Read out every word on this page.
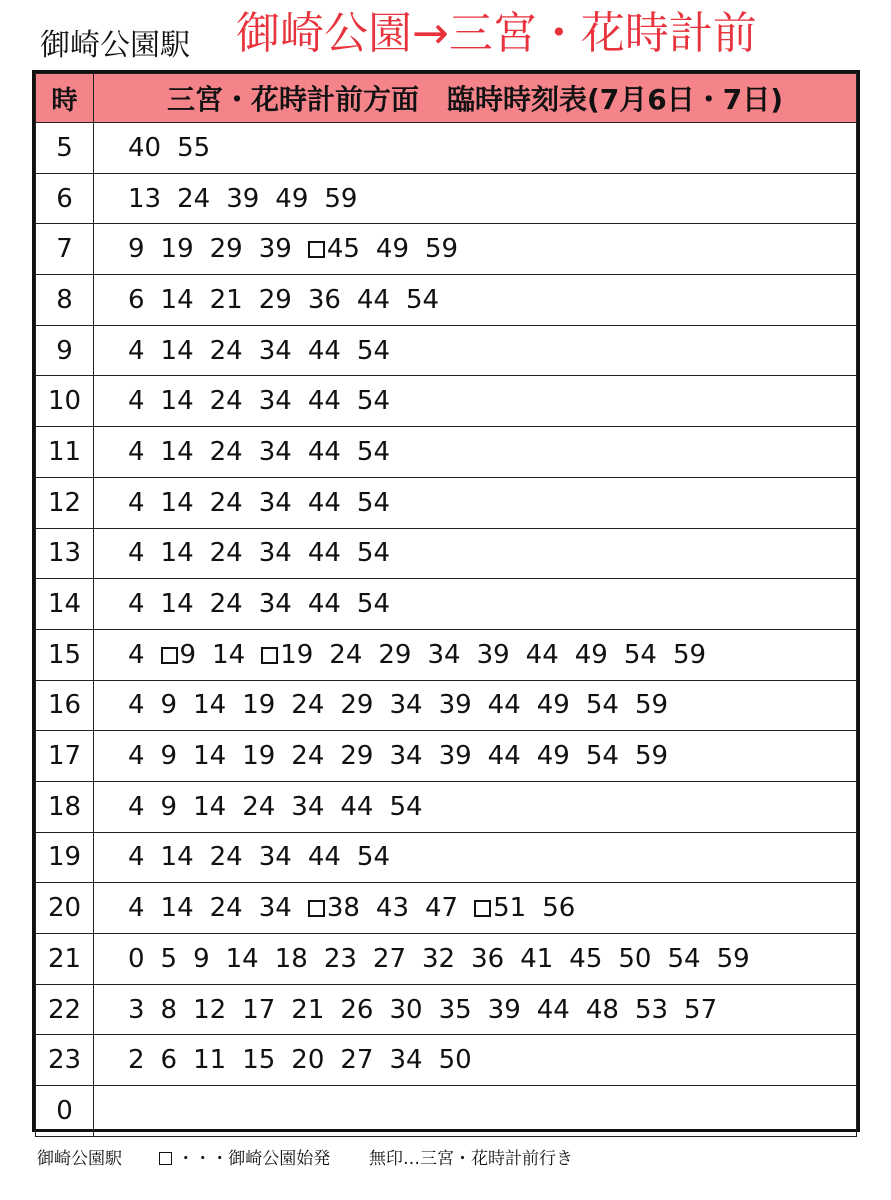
御崎公園駅 御崎公園→三宮・花時計前
時	三宮・花時計前方面　臨時時刻表(7月6日・7日)
5	40 55
6	13 24 39 49 59
7	9 19 29 39 45 49 59
8	6 14 21 29 36 44 54
9	4 14 24 34 44 54
10	4 14 24 34 44 54
11	4 14 24 34 44 54
12	4 14 24 34 44 54
13	4 14 24 34 44 54
14	4 14 24 34 44 54
15	4 9 14 19 24 29 34 39 44 49 54 59
16	4 9 14 19 24 29 34 39 44 49 54 59
17	4 9 14 19 24 29 34 39 44 49 54 59
18	4 9 14 24 34 44 54
19	4 14 24 34 44 54
20	4 14 24 34 38 43 47 51 56
21	0 5 9 14 18 23 27 32 36 41 45 50 54 59
22	3 8 12 17 21 26 30 35 39 44 48 53 57
23	2 6 11 15 20 27 34 50
0	
御崎公園駅	・・・御崎公園始発 無印…三宮・花時計前行き
